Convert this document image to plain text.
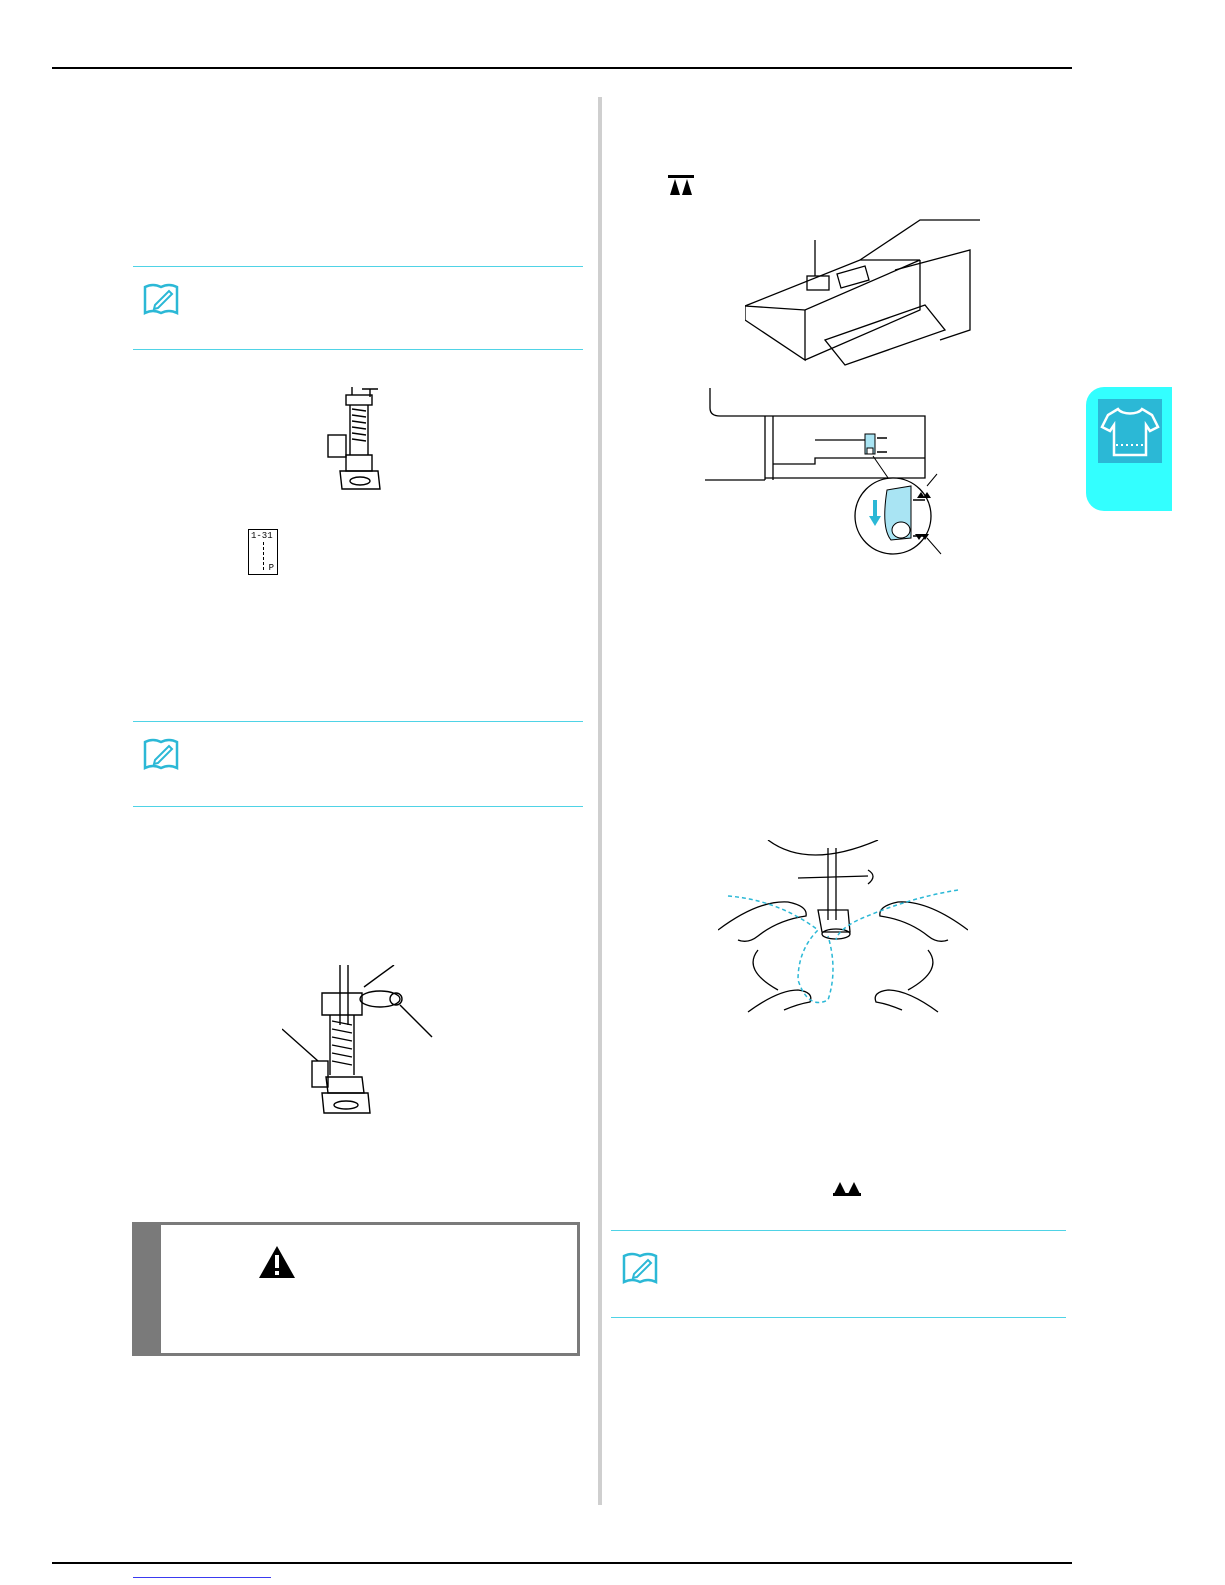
1-31
P
